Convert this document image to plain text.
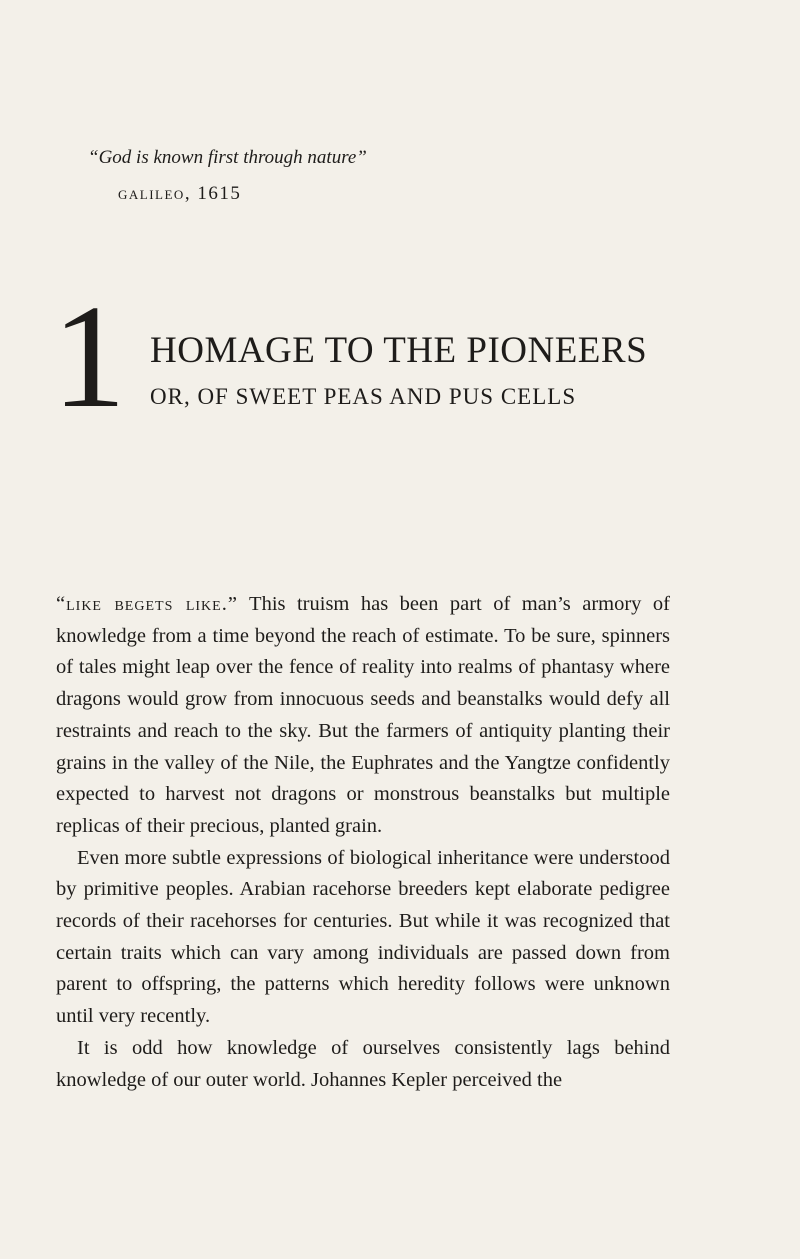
“God is known first through nature”
galileo, 1615
1 HOMAGE TO THE PIONEERS
OR, OF SWEET PEAS AND PUS CELLS

“like begets like.” This truism has been part of man’s armory of knowledge from a time beyond the reach of estimate. To be sure, spinners of tales might leap over the fence of reality into realms of phantasy where dragons would grow from innocuous seeds and beanstalks would defy all restraints and reach to the sky. But the farmers of antiquity planting their grains in the valley of the Nile, the Euphrates and the Yangtze confidently expected to harvest not dragons or monstrous beanstalks but multiple replicas of their precious, planted grain.

Even more subtle expressions of biological inheritance were understood by primitive peoples. Arabian racehorse breeders kept elaborate pedigree records of their racehorses for centuries. But while it was recognized that certain traits which can vary among individuals are passed down from parent to offspring, the patterns which heredity follows were unknown until very recently.

It is odd how knowledge of ourselves consistently lags behind knowledge of our outer world. Johannes Kepler perceived the
